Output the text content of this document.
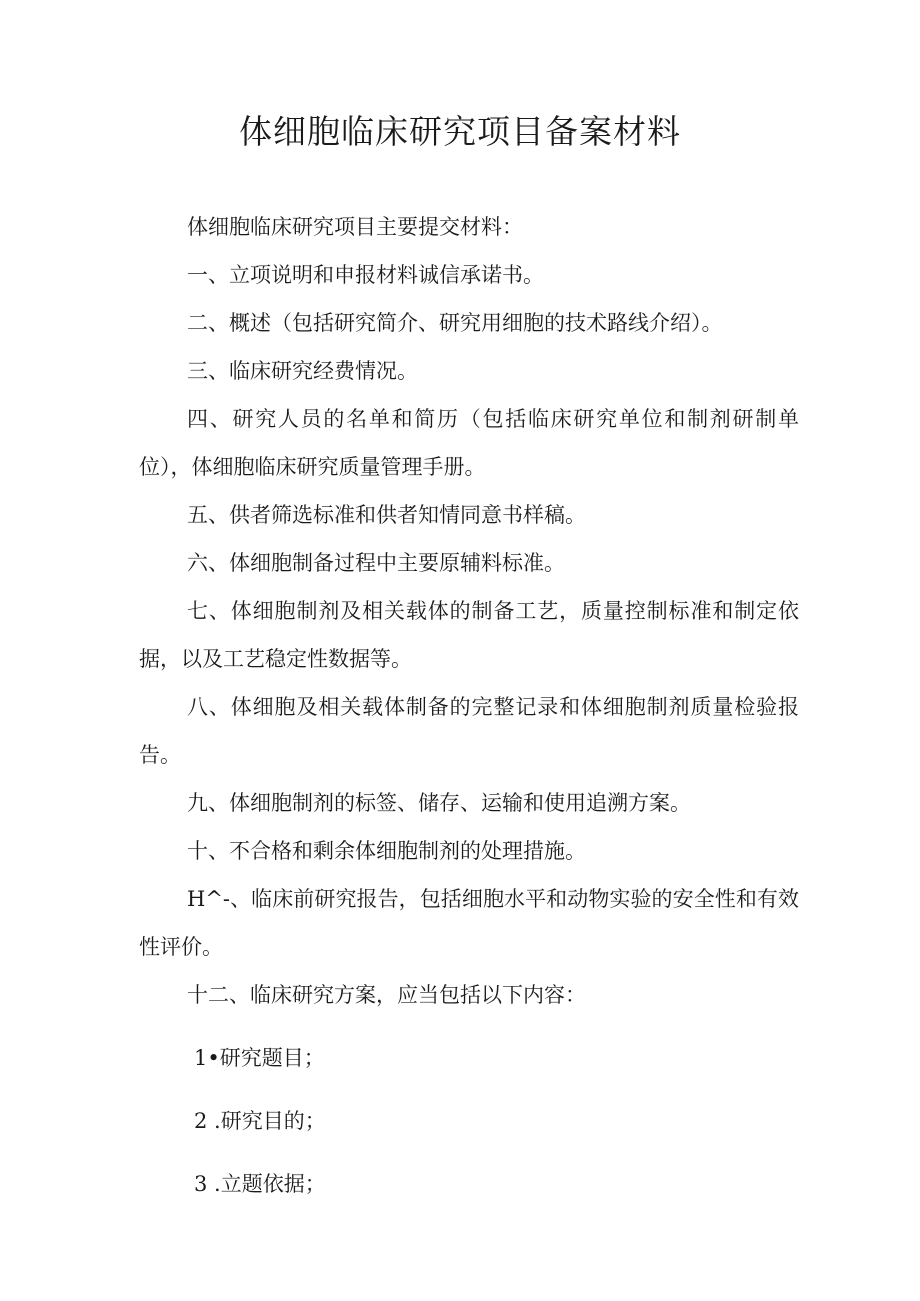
体细胞临床研究项目备案材料

体细胞临床研究项目主要提交材料：

一、立项说明和申报材料诚信承诺书。

二、概述（包括研究简介、研究用细胞的技术路线介绍）。

三、临床研究经费情况。

四、研究人员的名单和简历（包括临床研究单位和制剂研制单位），体细胞临床研究质量管理手册。

五、供者筛选标准和供者知情同意书样稿。

六、体细胞制备过程中主要原辅料标准。

七、体细胞制剂及相关载体的制备工艺，质量控制标准和制定依据，以及工艺稳定性数据等。

八、体细胞及相关载体制备的完整记录和体细胞制剂质量检验报告。

九、体细胞制剂的标签、储存、运输和使用追溯方案。

十、不合格和剩余体细胞制剂的处理措施。

H^-、临床前研究报告，包括细胞水平和动物实验的安全性和有效性评价。

十二、临床研究方案，应当包括以下内容：

1•研究题目；

2 .研究目的；

3 .立题依据；
